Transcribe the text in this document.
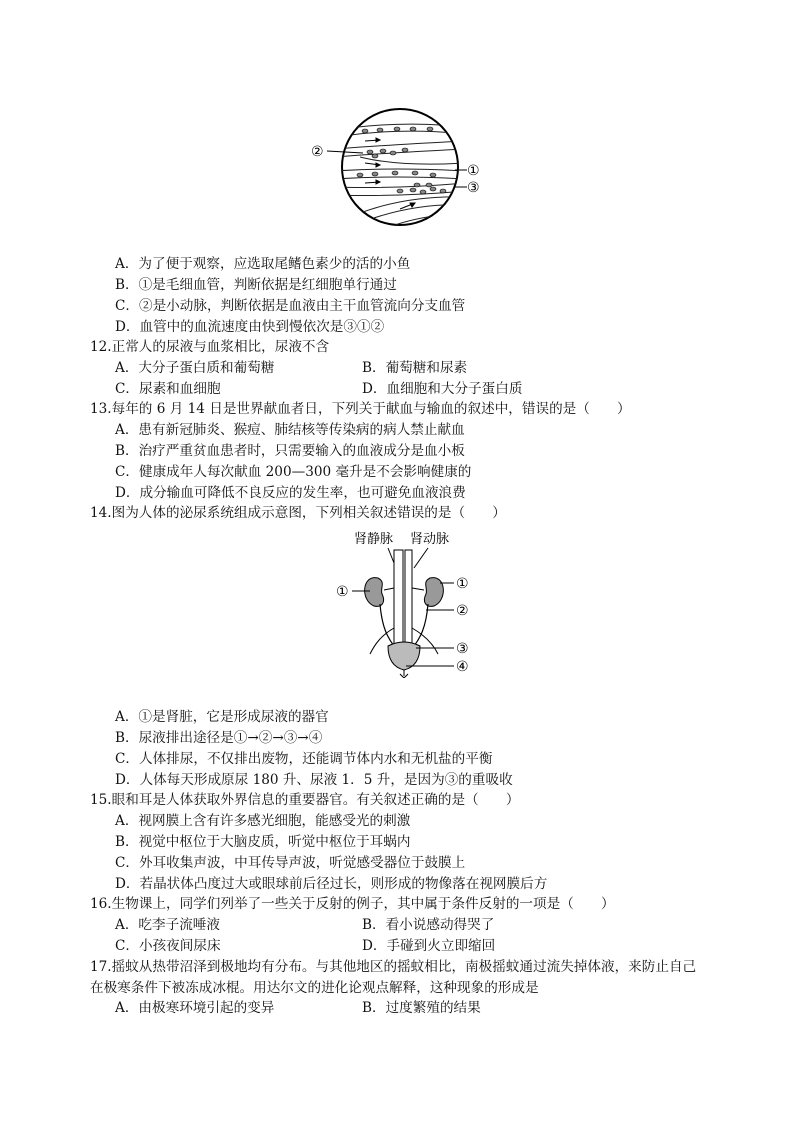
②
①
③
A．为了便于观察，应选取尾鳍色素少的活的小鱼
B．①是毛细血管，判断依据是红细胞单行通过
C．②是小动脉，判断依据是血液由主干血管流向分支血管
D．血管中的血流速度由快到慢依次是③①②
12.正常人的尿液与血浆相比，尿液不含
A．大分子蛋白质和葡萄糖	B．葡萄糖和尿素
C．尿素和血细胞	D．血细胞和大分子蛋白质
13.每年的 6 月 14 日是世界献血者日，下列关于献血与输血的叙述中，错误的是（　　）
A．患有新冠肺炎、猴痘、肺结核等传染病的病人禁止献血
B．治疗严重贫血患者时，只需要输入的血液成分是血小板
C．健康成年人每次献血 200—300 毫升是不会影响健康的
D．成分输血可降低不良反应的发生率，也可避免血液浪费
14.图为人体的泌尿系统组成示意图，下列相关叙述错误的是（　　）
肾静脉 肾动脉
①	①
②
③
④
A．①是肾脏，它是形成尿液的器官
B．尿液排出途径是①→②→③→④
C．人体排尿，不仅排出废物，还能调节体内水和无机盐的平衡
D．人体每天形成原尿 180 升、尿液 1．5 升，是因为③的重吸收
15.眼和耳是人体获取外界信息的重要器官。有关叙述正确的是（　　）
A．视网膜上含有许多感光细胞，能感受光的刺激
B．视觉中枢位于大脑皮质，听觉中枢位于耳蜗内
C．外耳收集声波，中耳传导声波，听觉感受器位于鼓膜上
D．若晶状体凸度过大或眼球前后径过长，则形成的物像落在视网膜后方
16.生物课上，同学们列举了一些关于反射的例子，其中属于条件反射的一项是（　　）
A．吃李子流唾液	B．看小说感动得哭了
C．小孩夜间尿床	D．手碰到火立即缩回
17.摇蚊从热带沼泽到极地均有分布。与其他地区的摇蚊相比，南极摇蚊通过流失掉体液，来防止自己
在极寒条件下被冻成冰棍。用达尔文的进化论观点解释，这种现象的形成是
A．由极寒环境引起的变异	B．过度繁殖的结果
